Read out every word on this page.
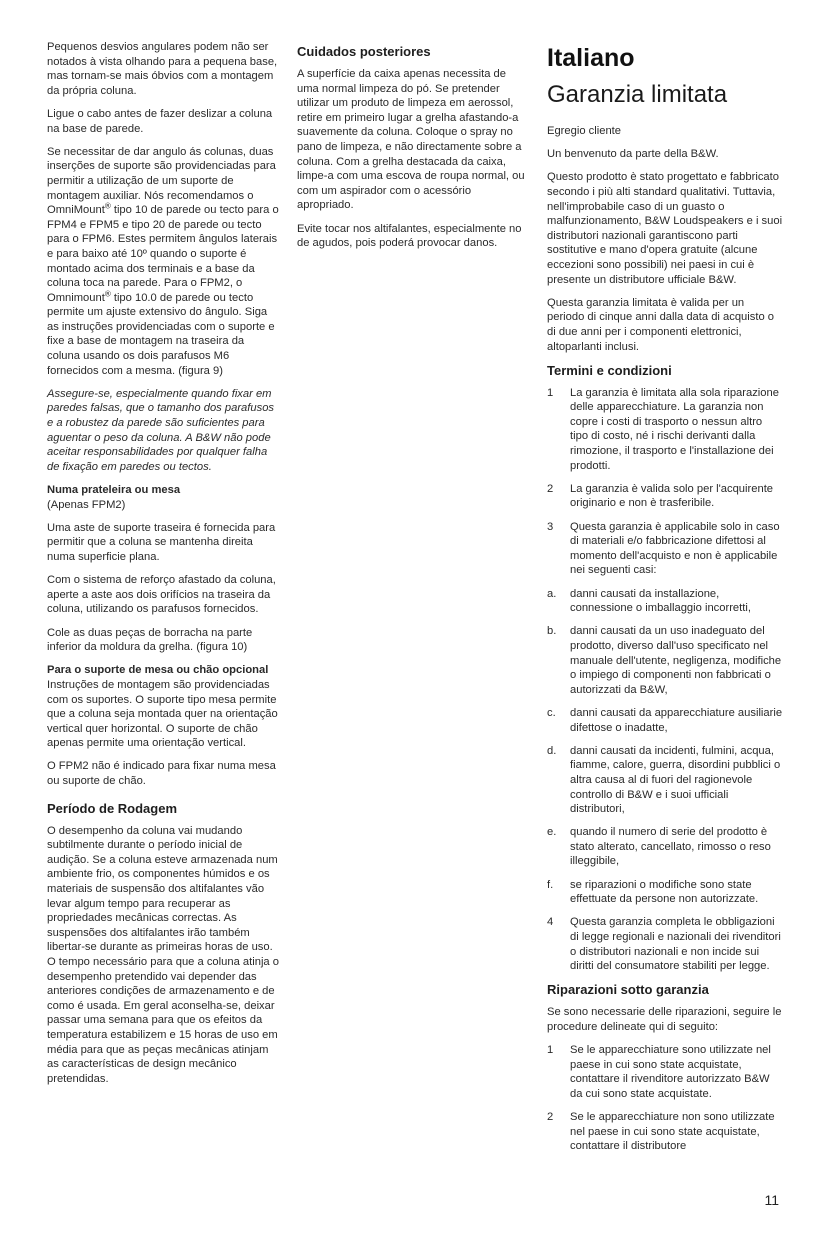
Pequenos desvios angulares podem não ser notados à vista olhando para a pequena base, mas tornam-se mais óbvios com a montagem da própria coluna.

Ligue o cabo antes de fazer deslizar a coluna na base de parede.

Se necessitar de dar angulo ás colunas, duas inserções de suporte são providenciadas para permitir a utilização de um suporte de montagem auxiliar. Nós recomendamos o OmniMount® tipo 10 de parede ou tecto para o FPM4 e FPM5 e tipo 20 de parede ou tecto para o FPM6. Estes permitem ângulos laterais e para baixo até 10º quando o suporte é montado acima dos terminais e a base da coluna toca na parede. Para o FPM2, o Omnimount® tipo 10.0 de parede ou tecto permite um ajuste extensivo do ângulo. Siga as instruções providenciadas com o suporte e fixe a base de montagem na traseira da coluna usando os dois parafusos M6 fornecidos com a mesma. (figura 9)

Assegure-se, especialmente quando fixar em paredes falsas, que o tamanho dos parafusos e a robustez da parede são suficientes para aguentar o peso da coluna. A B&W não pode aceitar responsabilidades por qualquer falha de fixação em paredes ou tectos.

Numa prateleira ou mesa

(Apenas FPM2)

Uma aste de suporte traseira é fornecida para permitir que a coluna se mantenha direita numa superficie plana.

Com o sistema de reforço afastado da coluna, aperte a aste aos dois orifícios na traseira da coluna, utilizando os parafusos fornecidos.

Cole as duas peças de borracha na parte inferior da moldura da grelha. (figura 10)

Para o suporte de mesa ou chão opcional

Instruções de montagem são providenciadas com os suportes. O suporte tipo mesa permite que a coluna seja montada quer na orientação vertical quer horizontal. O suporte de chão apenas permite uma orientação vertical.

O FPM2 não é indicado para fixar numa mesa ou suporte de chão.

Período de Rodagem

O desempenho da coluna vai mudando subtilmente durante o período inicial de audição. Se a coluna esteve armazenada num ambiente frio, os componentes húmidos e os materiais de suspensão dos altifalantes vão levar algum tempo para recuperar as propriedades mecânicas correctas. As suspensões dos altifalantes irão também libertar-se durante as primeiras horas de uso. O tempo necessário para que a coluna atinja o desempenho pretendido vai depender das anteriores condições de armazenamento e de como é usada. Em geral aconselha-se, deixar passar uma semana para que os efeitos da temperatura estabilizem e 15 horas de uso em média para que as peças mecânicas atinjam as características de design mecânico pretendidas.

Cuidados posteriores

A superfície da caixa apenas necessita de uma normal limpeza do pó. Se pretender utilizar um produto de limpeza em aerossol, retire em primeiro lugar a grelha afastando-a suavemente da coluna. Coloque o spray no pano de limpeza, e não directamente sobre a coluna. Com a grelha destacada da caixa, limpe-a com uma escova de roupa normal, ou com um aspirador com o acessório apropriado.

Evite tocar nos altifalantes, especialmente no de agudos, pois poderá provocar danos.

Italiano
Garanzia limitata

Egregio cliente

Un benvenuto da parte della B&W.

Questo prodotto è stato progettato e fabbricato secondo i più alti standard qualitativi. Tuttavia, nell'improbabile caso di un guasto o malfunzionamento, B&W Loudspeakers e i suoi distributori nazionali garantiscono parti sostitutive e mano d'opera gratuite (alcune eccezioni sono possibili) nei paesi in cui è presente un distributore ufficiale B&W.

Questa garanzia limitata è valida per un periodo di cinque anni dalla data di acquisto o di due anni per i componenti elettronici, altoparlanti inclusi.

Termini e condizioni
1	La garanzia è limitata alla sola riparazione delle apparecchiature. La garanzia non copre i costi di trasporto o nessun altro tipo di costo, né i rischi derivanti dalla rimozione, il trasporto e l'installazione dei prodotti.
2	La garanzia è valida solo per l'acquirente originario e non è trasferibile.
3	Questa garanzia è applicabile solo in caso di materiali e/o fabbricazione difettosi al momento dell'acquisto e non è applicabile nei seguenti casi:
a.	danni causati da installazione, connessione o imballaggio incorretti,
b.	danni causati da un uso inadeguato del prodotto, diverso dall'uso specificato nel manuale dell'utente, negligenza, modifiche o impiego di componenti non fabbricati o autorizzati da B&W,
c.	danni causati da apparecchiature ausiliarie difettose o inadatte,
d.	danni causati da incidenti, fulmini, acqua, fiamme, calore, guerra, disordini pubblici o altra causa al di fuori del ragionevole controllo di B&W e i suoi ufficiali distributori,
e.	quando il numero di serie del prodotto è stato alterato, cancellato, rimosso o reso illeggibile,
f.	se riparazioni o modifiche sono state effettuate da persone non autorizzate.
4	Questa garanzia completa le obbligazioni di legge regionali e nazionali dei rivenditori o distributori nazionali e non incide sui diritti del consumatore stabiliti per legge.
Riparazioni sotto garanzia

Se sono necessarie delle riparazioni, seguire le procedure delineate qui di seguito:

1	Se le apparecchiature sono utilizzate nel paese in cui sono state acquistate, contattare il rivenditore autorizzato B&W da cui sono state acquistate.
2	Se le apparecchiature non sono utilizzate nel paese in cui sono state acquistate, contattare il distributore
11
